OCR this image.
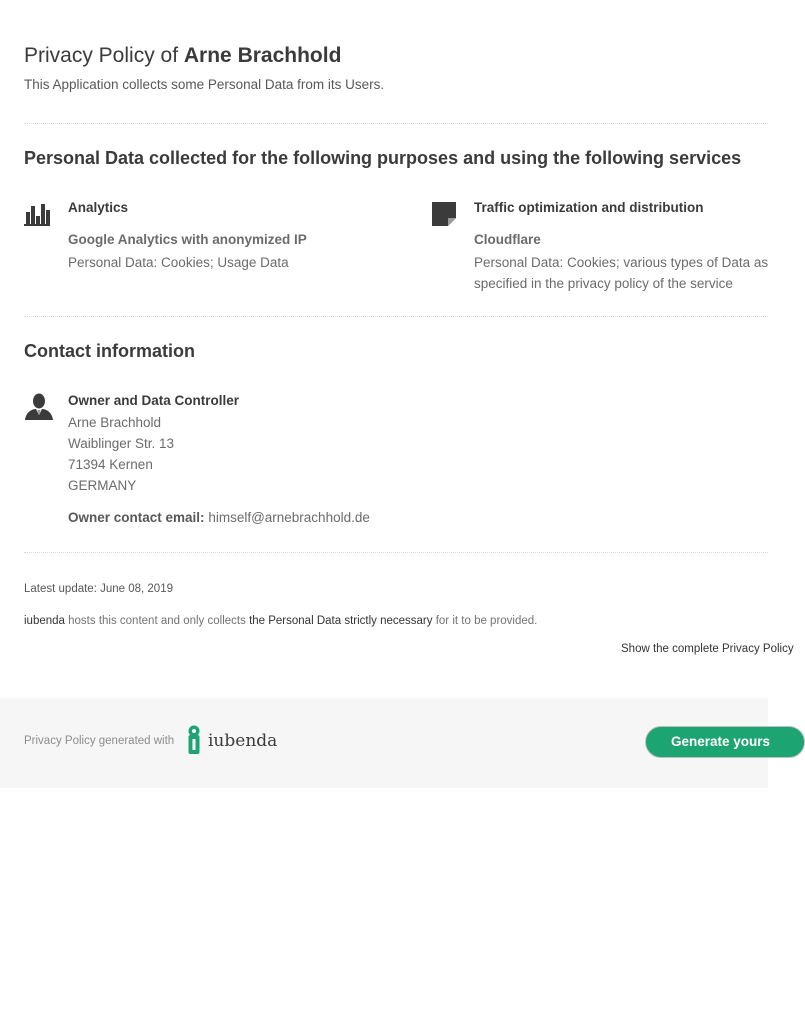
Privacy Policy of Arne Brachhold
This Application collects some Personal Data from its Users.
Personal Data collected for the following purposes and using the following services
Analytics
Google Analytics with anonymized IP
Personal Data: Cookies; Usage Data
Traffic optimization and distribution
Cloudflare
Personal Data: Cookies; various types of Data as
specified in the privacy policy of the service
Contact information
Owner and Data Controller
Arne Brachhold
Waiblinger Str. 13
71394 Kernen
GERMANY
Owner contact email: himself@arnebrachhold.de
Latest update: June 08, 2019
iubenda hosts this content and only collects the Personal Data strictly necessary for it to be provided.
Show the complete Privacy Policy
Privacy Policy generated with iubenda	Generate yours
